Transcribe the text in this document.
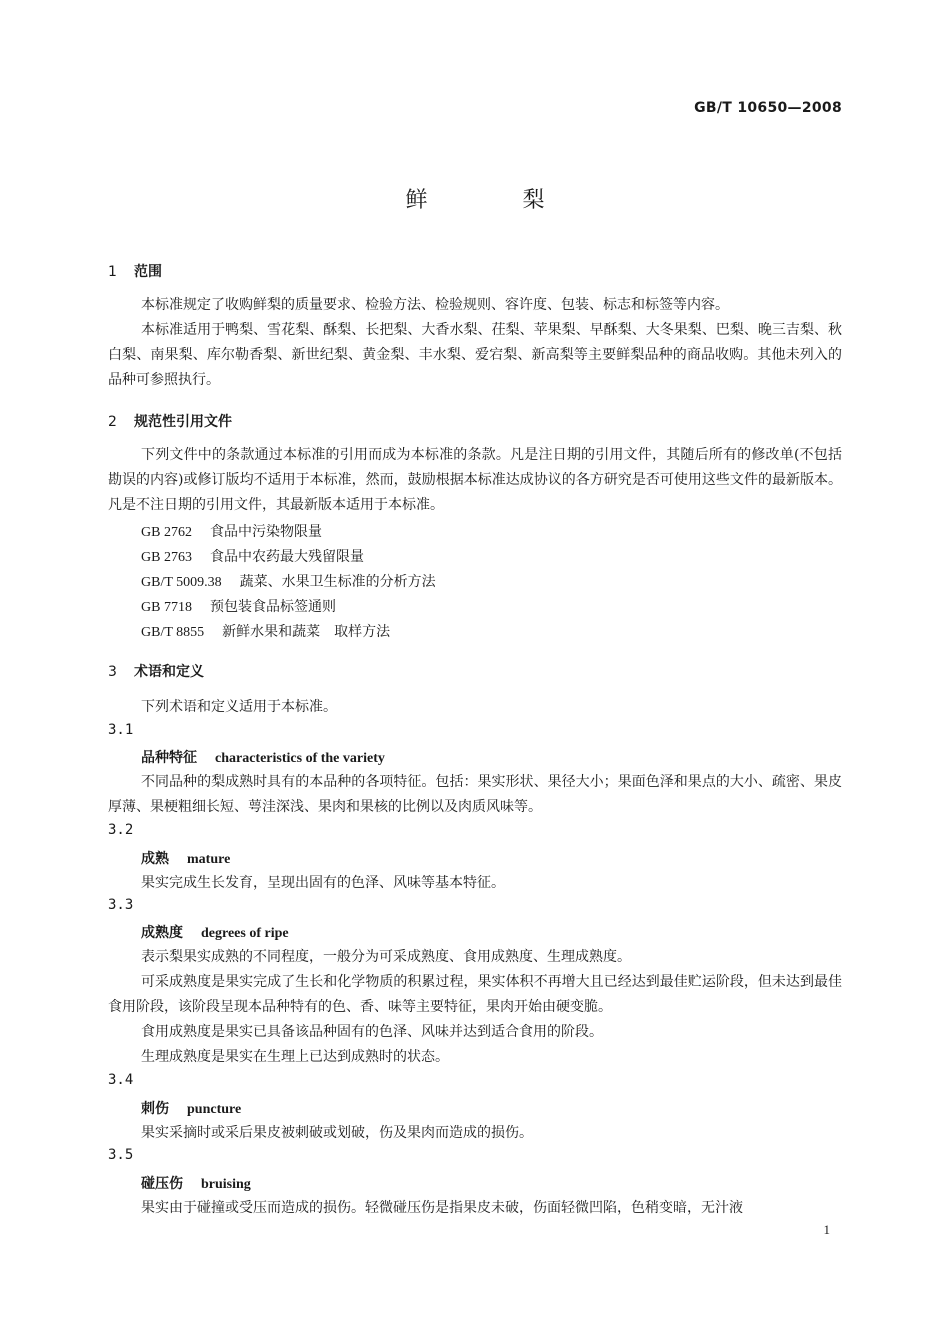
GB/T 10650—2008
鲜	梨
1 范围
本标准规定了收购鲜梨的质量要求、检验方法、检验规则、容许度、包装、标志和标签等内容。
本标准适用于鸭梨、雪花梨、酥梨、长把梨、大香水梨、茌梨、苹果梨、早酥梨、大冬果梨、巴梨、晚三吉梨、秋白梨、南果梨、库尔勒香梨、新世纪梨、黄金梨、丰水梨、爱宕梨、新高梨等主要鲜梨品种的商品收购。其他未列入的品种可参照执行。
2 规范性引用文件
下列文件中的条款通过本标准的引用而成为本标准的条款。凡是注日期的引用文件，其随后所有的修改单(不包括勘误的内容)或修订版均不适用于本标准，然而，鼓励根据本标准达成协议的各方研究是否可使用这些文件的最新版本。凡是不注日期的引用文件，其最新版本适用于本标准。
GB 2762 食品中污染物限量
GB 2763 食品中农药最大残留限量
GB/T 5009.38 蔬菜、水果卫生标准的分析方法
GB 7718 预包装食品标签通则
GB/T 8855 新鲜水果和蔬菜　取样方法
3 术语和定义
下列术语和定义适用于本标准。
3.1
品种特征 characteristics of the variety
不同品种的梨成熟时具有的本品种的各项特征。包括：果实形状、果径大小；果面色泽和果点的大小、疏密、果皮厚薄、果梗粗细长短、萼洼深浅、果肉和果核的比例以及肉质风味等。
3.2
成熟 mature
果实完成生长发育，呈现出固有的色泽、风味等基本特征。
3.3
成熟度 degrees of ripe
表示梨果实成熟的不同程度，一般分为可采成熟度、食用成熟度、生理成熟度。
可采成熟度是果实完成了生长和化学物质的积累过程，果实体积不再增大且已经达到最佳贮运阶段，但未达到最佳食用阶段，该阶段呈现本品种特有的色、香、味等主要特征，果肉开始由硬变脆。
食用成熟度是果实已具备该品种固有的色泽、风味并达到适合食用的阶段。
生理成熟度是果实在生理上已达到成熟时的状态。
3.4
刺伤 puncture
果实采摘时或采后果皮被刺破或划破，伤及果肉而造成的损伤。
3.5
碰压伤 bruising
果实由于碰撞或受压而造成的损伤。轻微碰压伤是指果皮未破，伤面轻微凹陷，色稍变暗，无汁液
1
